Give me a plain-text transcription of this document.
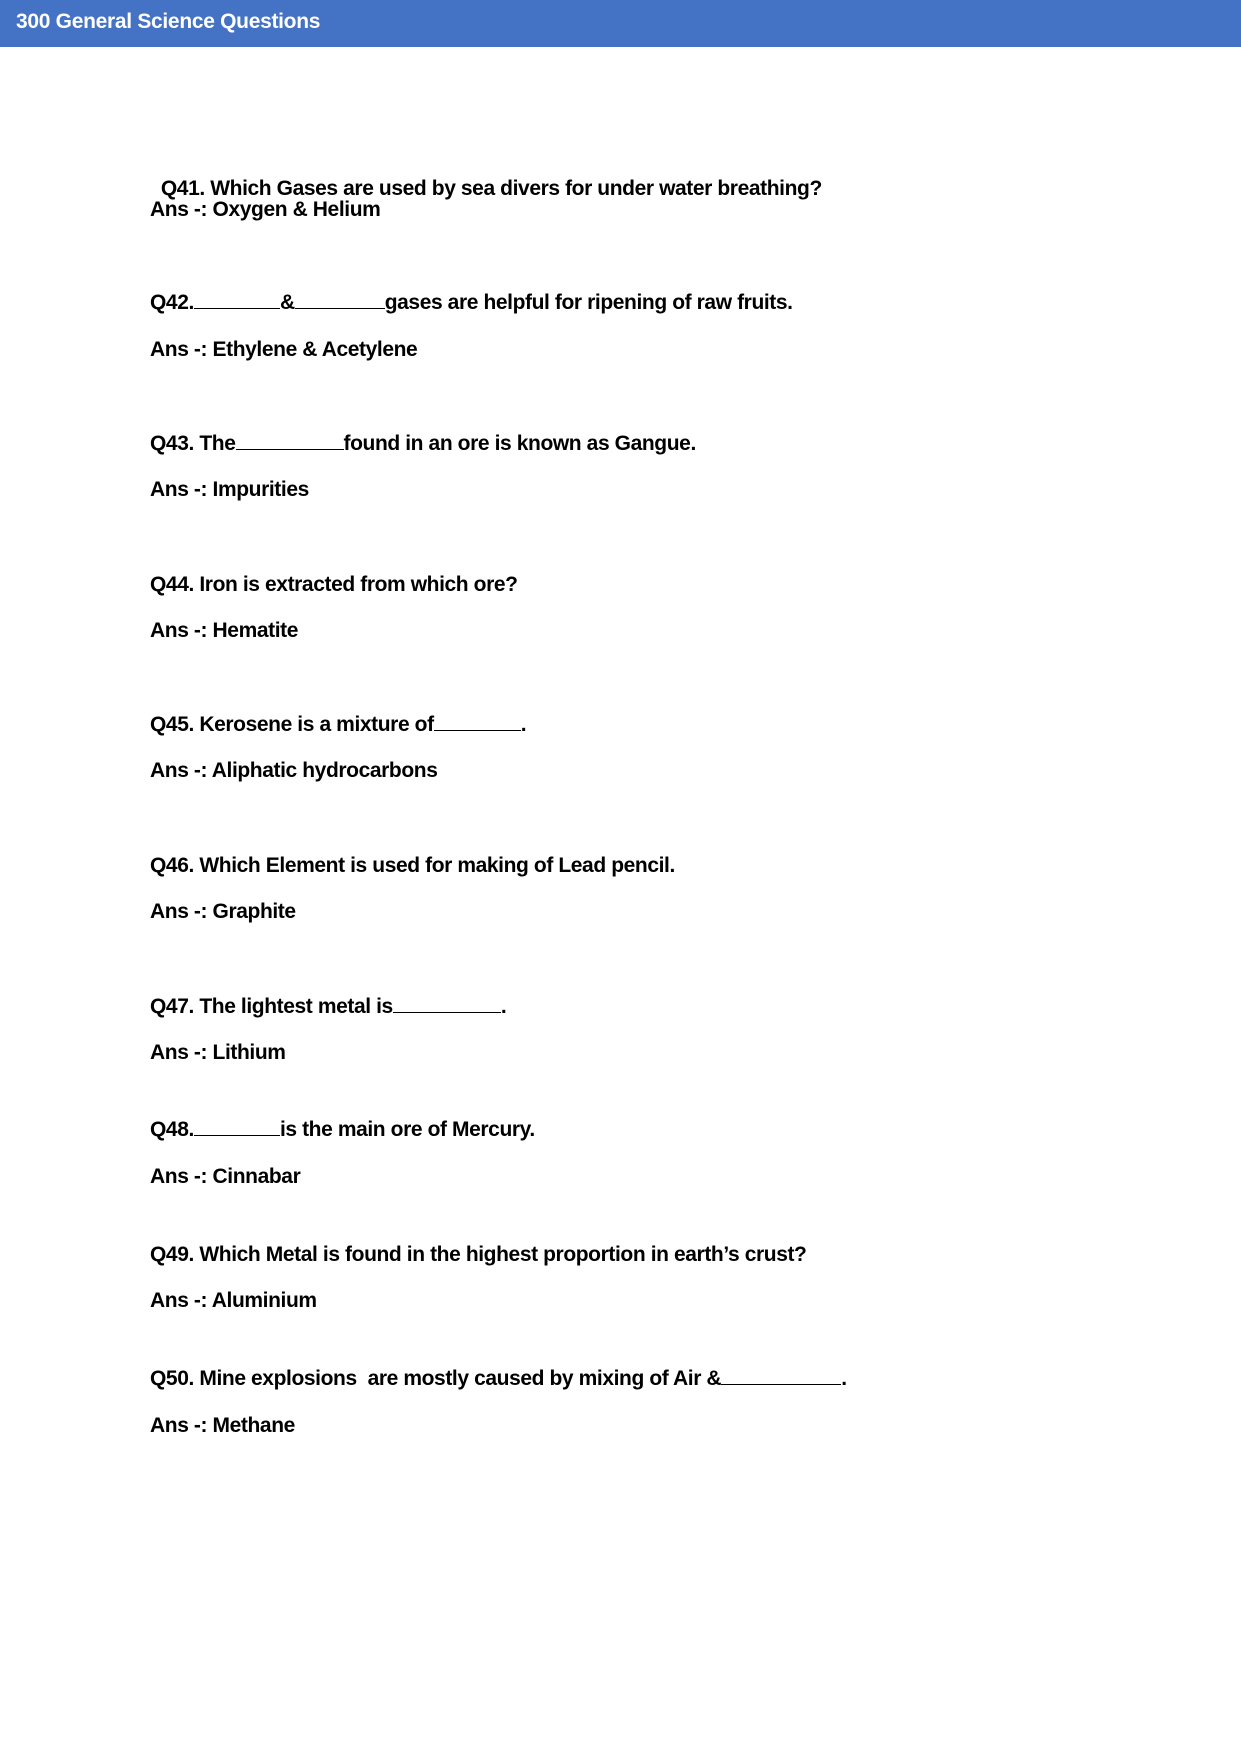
300 General Science Questions

Q41. Which Gases are used by sea divers for under water breathing?

Ans -: Oxygen & Helium
Q42.	&	gases are helpful for ripening of raw fruits.
Ans -: Ethylene & Acetylene
Q43. The	found in an ore is known as Gangue.
Ans -: Impurities
Q44. Iron is extracted from which ore?
Ans -: Hematite
Q45. Kerosene is a mixture of	.
Ans -: Aliphatic hydrocarbons
Q46. Which Element is used for making of Lead pencil.
Ans -: Graphite
Q47. The lightest metal is	.
Ans -: Lithium
Q48.	is the main ore of Mercury.
Ans -: Cinnabar
Q49. Which Metal is found in the highest proportion in earth’s crust?
Ans -: Aluminium
Q50. Mine explosions  are mostly caused by mixing of Air &	.
Ans -: Methane
